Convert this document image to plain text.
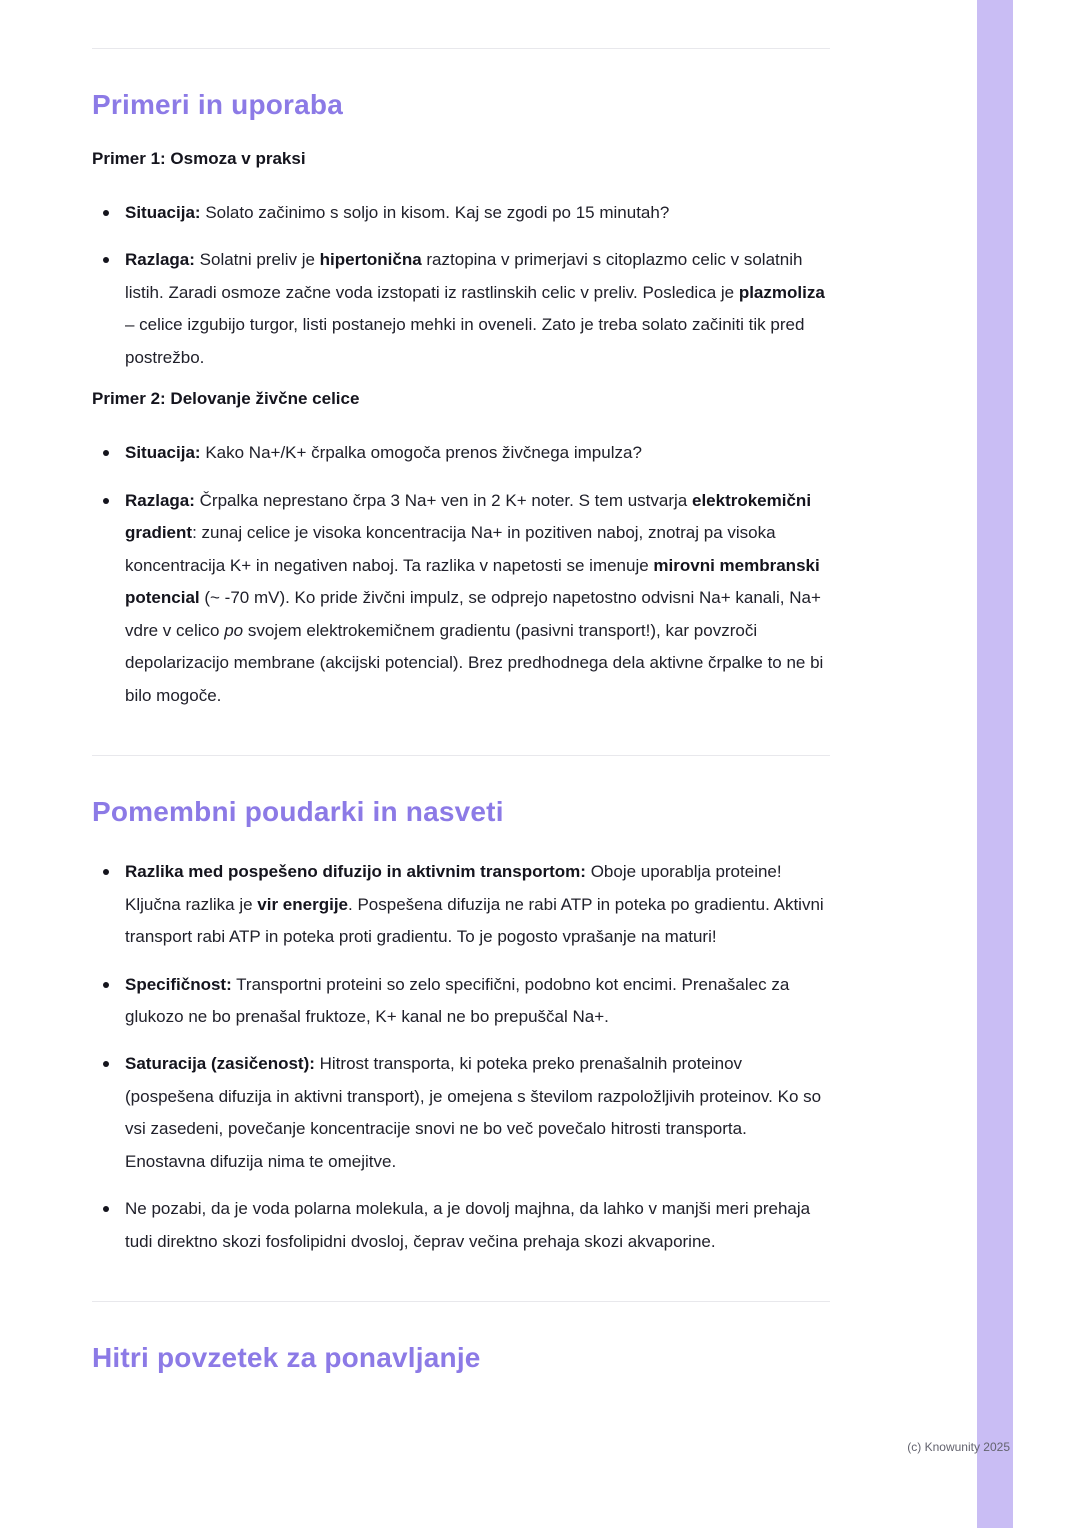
Primeri in uporaba
Primer 1: Osmoza v praksi
Situacija: Solato začinimo s soljo in kisom. Kaj se zgodi po 15 minutah?
Razlaga: Solatni preliv je hipertonična raztopina v primerjavi s citoplazmo celic v solatnih listih. Zaradi osmoze začne voda izstopati iz rastlinskih celic v preliv. Posledica je plazmoliza – celice izgubijo turgor, listi postanejo mehki in oveneli. Zato je treba solato začiniti tik pred postrežbo.
Primer 2: Delovanje živčne celice
Situacija: Kako Na+/K+ črpalka omogoča prenos živčnega impulza?
Razlaga: Črpalka neprestano črpa 3 Na+ ven in 2 K+ noter. S tem ustvarja elektrokemični gradient: zunaj celice je visoka koncentracija Na+ in pozitiven naboj, znotraj pa visoka koncentracija K+ in negativen naboj. Ta razlika v napetosti se imenuje mirovni membranski potencial (~ -70 mV). Ko pride živčni impulz, se odprejo napetostno odvisni Na+ kanali, Na+ vdre v celico po svojem elektrokemičnem gradientu (pasivni transport!), kar povzroči depolarizacijo membrane (akcijski potencial). Brez predhodnega dela aktivne črpalke to ne bi bilo mogoče.
Pomembni poudarki in nasveti
Razlika med pospešeno difuzijo in aktivnim transportom: Oboje uporablja proteine! Ključna razlika je vir energije. Pospešena difuzija ne rabi ATP in poteka po gradientu. Aktivni transport rabi ATP in poteka proti gradientu. To je pogosto vprašanje na maturi!
Specifičnost: Transportni proteini so zelo specifični, podobno kot encimi. Prenašalec za glukozo ne bo prenašal fruktoze, K+ kanal ne bo prepuščal Na+.
Saturacija (zasičenost): Hitrost transporta, ki poteka preko prenašalnih proteinov (pospešena difuzija in aktivni transport), je omejena s številom razpoložljivih proteinov. Ko so vsi zasedeni, povečanje koncentracije snovi ne bo več povečalo hitrosti transporta. Enostavna difuzija nima te omejitve.
Ne pozabi, da je voda polarna molekula, a je dovolj majhna, da lahko v manjši meri prehaja tudi direktno skozi fosfolipidni dvosloj, čeprav večina prehaja skozi akvaporine.
Hitri povzetek za ponavljanje
(c) Knowunity 2025
